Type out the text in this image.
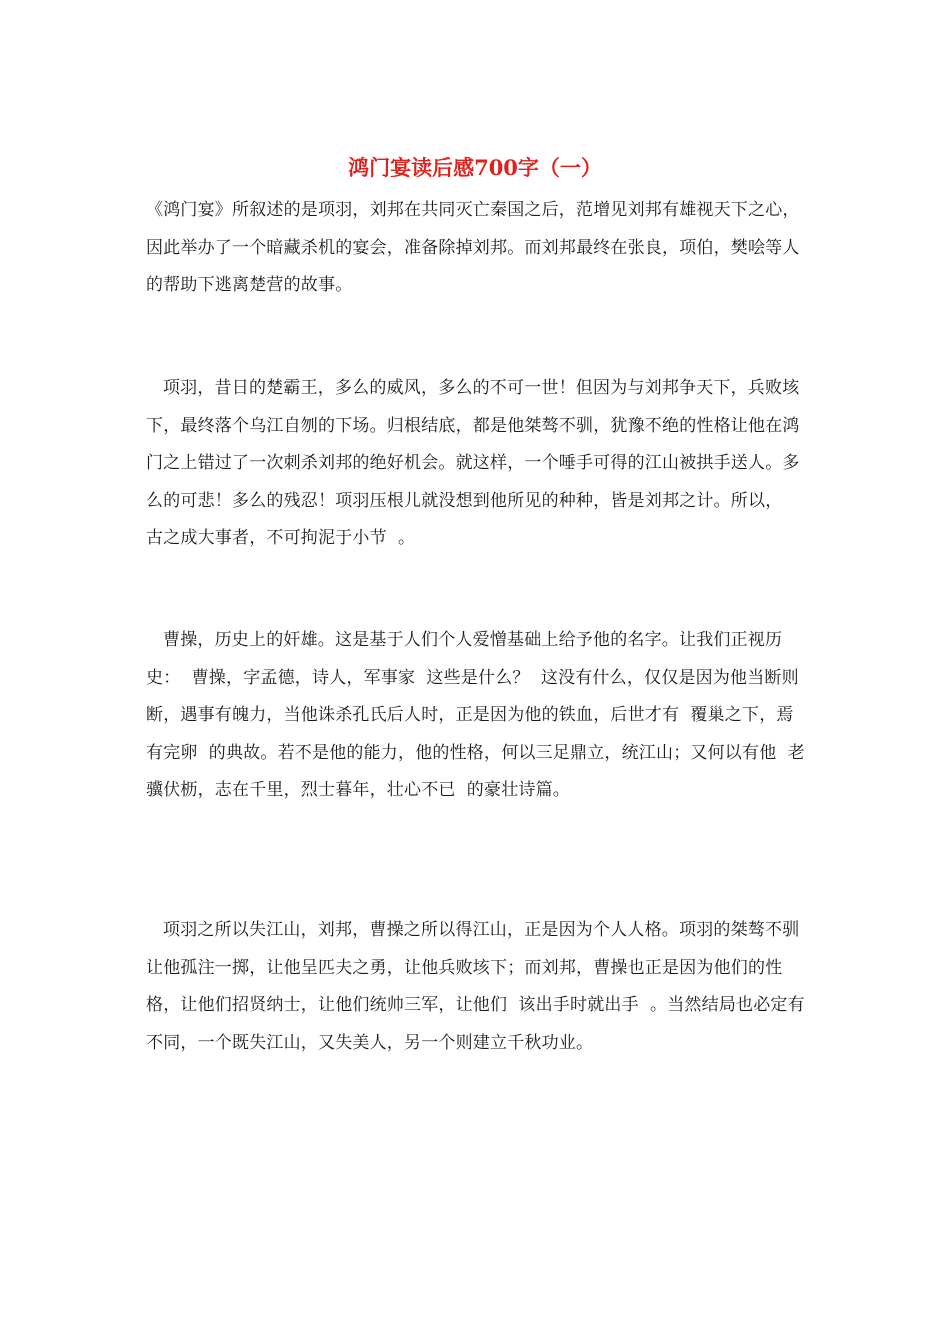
鸿门宴读后感700字（一）

《鸿门宴》所叙述的是项羽，刘邦在共同灭亡秦国之后，范增见刘邦有雄视天下之心，因此举办了一个暗藏杀机的宴会，准备除掉刘邦。而刘邦最终在张良，项伯，樊哙等人的帮助下逃离楚营的故事。

项羽，昔日的楚霸王，多么的威风，多么的不可一世！但因为与刘邦争天下，兵败垓下，最终落个乌江自刎的下场。归根结底，都是他桀骜不驯，犹豫不绝的性格让他在鸿门之上错过了一次刺杀刘邦的绝好机会。就这样，一个唾手可得的江山被拱手送人。多么的可悲！多么的残忍！项羽压根儿就没想到他所见的种种，皆是刘邦之计。所以，  古之成大事者，不可拘泥于小节  。

曹操，历史上的奸雄。这是基于人们个人爱憎基础上给予他的名字。让我们正视历史：  曹操，字孟德，诗人，军事家  这些是什么？  这没有什么，仅仅是因为他当断则断，遇事有魄力，当他诛杀孔氏后人时，正是因为他的铁血，后世才有  覆巢之下，焉有完卵  的典故。若不是他的能力，他的性格，何以三足鼎立，统江山；又何以有他  老骥伏枥，志在千里，烈士暮年，壮心不已  的豪壮诗篇。

项羽之所以失江山，刘邦，曹操之所以得江山，正是因为个人人格。项羽的桀骜不驯让他孤注一掷，让他呈匹夫之勇，让他兵败垓下；而刘邦，曹操也正是因为他们的性格，让他们招贤纳士，让他们统帅三军，让他们  该出手时就出手  。当然结局也必定有不同，一个既失江山，又失美人，另一个则建立千秋功业。
